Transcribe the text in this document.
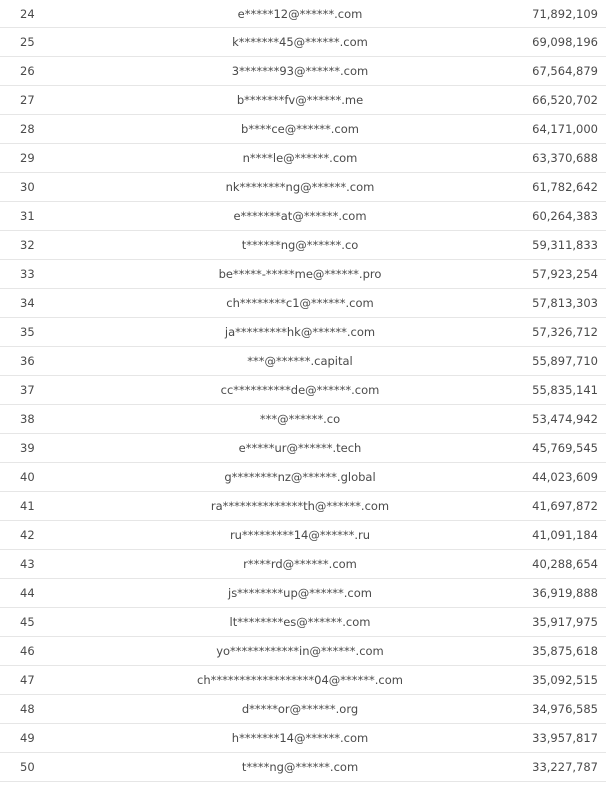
24	e*****12@******.com	71,892,109
25	k*******45@******.com	69,098,196
26	3*******93@******.com	67,564,879
27	b*******fv@******.me	66,520,702
28	b****ce@******.com	64,171,000
29	n****le@******.com	63,370,688
30	nk********ng@******.com	61,782,642
31	e*******at@******.com	60,264,383
32	t******ng@******.co	59,311,833
33	be*****-*****me@******.pro	57,923,254
34	ch********c1@******.com	57,813,303
35	ja*********hk@******.com	57,326,712
36	***@******.capital	55,897,710
37	cc**********de@******.com	55,835,141
38	***@******.co	53,474,942
39	e*****ur@******.tech	45,769,545
40	g********nz@******.global	44,023,609
41	ra**************th@******.com	41,697,872
42	ru*********14@******.ru	41,091,184
43	r****rd@******.com	40,288,654
44	js********up@******.com	36,919,888
45	lt********es@******.com	35,917,975
46	yo************in@******.com	35,875,618
47	ch******************04@******.com	35,092,515
48	d*****or@******.org	34,976,585
49	h*******14@******.com	33,957,817
50	t****ng@******.com	33,227,787
